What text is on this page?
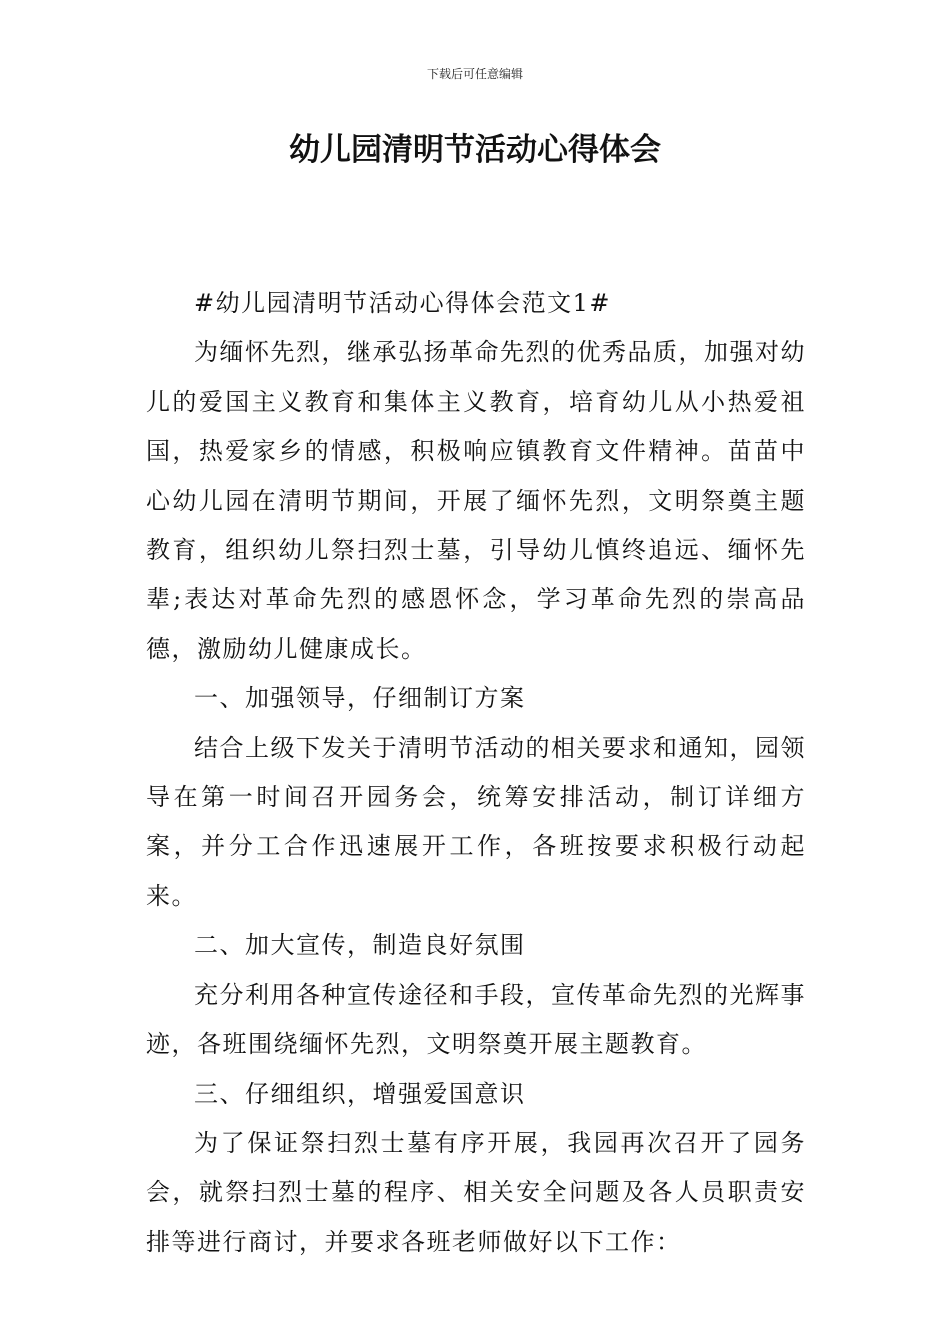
下载后可任意编辑
幼儿园清明节活动心得体会

#幼儿园清明节活动心得体会范文1#

为缅怀先烈，继承弘扬革命先烈的优秀品质，加强对幼儿的爱国主义教育和集体主义教育，培育幼儿从小热爱祖国，热爱家乡的情感，积极响应镇教育文件精神。苗苗中心幼儿园在清明节期间，开展了缅怀先烈，文明祭奠主题教育，组织幼儿祭扫烈士墓，引导幼儿慎终追远、缅怀先辈;表达对革命先烈的感恩怀念，学习革命先烈的崇高品德，激励幼儿健康成长。

一、加强领导，仔细制订方案

结合上级下发关于清明节活动的相关要求和通知，园领导在第一时间召开园务会，统筹安排活动，制订详细方案，并分工合作迅速展开工作，各班按要求积极行动起来。

二、加大宣传，制造良好氛围

充分利用各种宣传途径和手段，宣传革命先烈的光辉事迹，各班围绕缅怀先烈，文明祭奠开展主题教育。

三、仔细组织，增强爱国意识

为了保证祭扫烈士墓有序开展，我园再次召开了园务会，就祭扫烈士墓的程序、相关安全问题及各人员职责安排等进行商讨，并要求各班老师做好以下工作：
